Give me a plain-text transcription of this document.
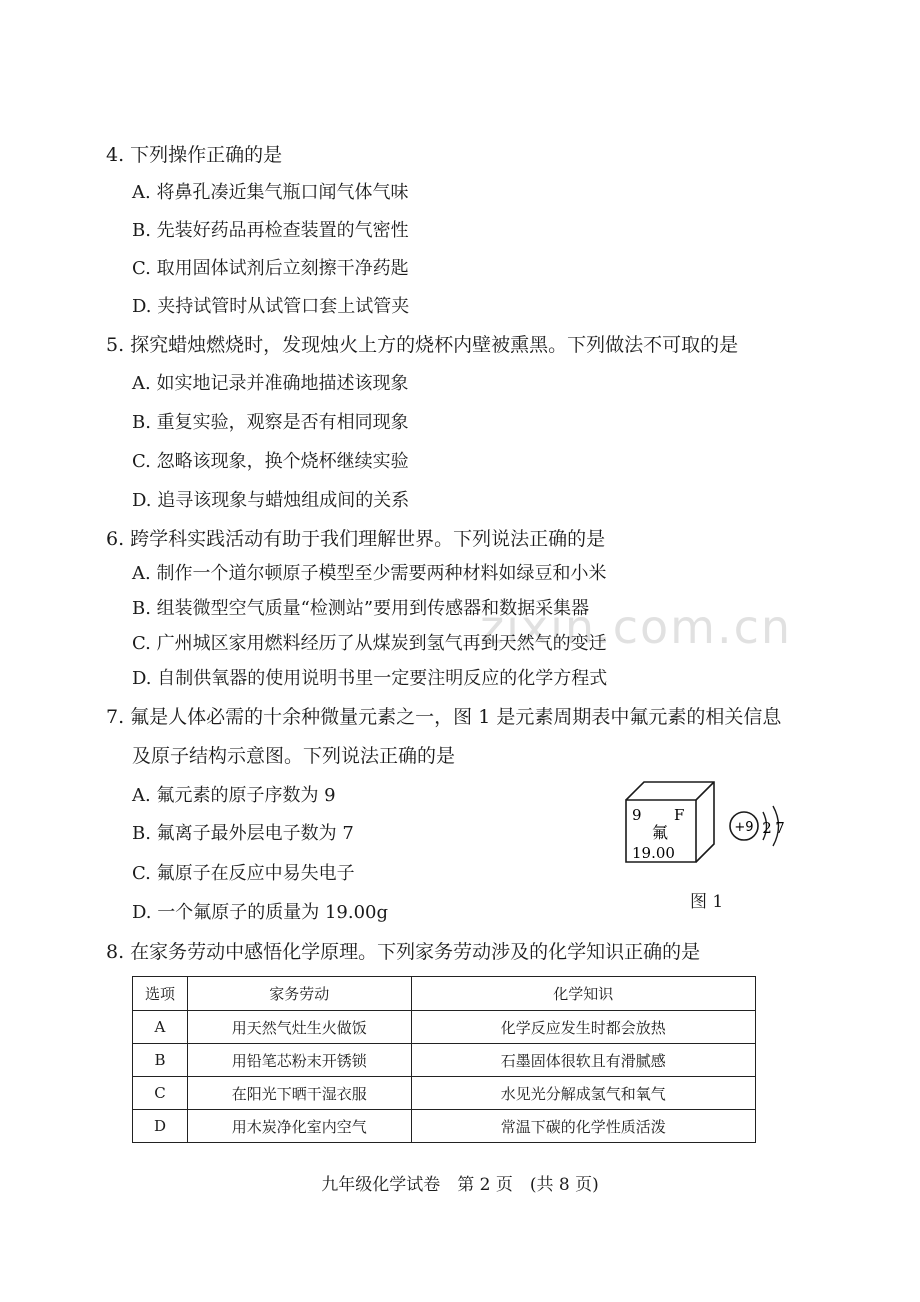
zixin.com.cn
4. 下列操作正确的是
A. 将鼻孔凑近集气瓶口闻气体气味
B. 先装好药品再检查装置的气密性
C. 取用固体试剂后立刻擦干净药匙
D. 夹持试管时从试管口套上试管夹
5. 探究蜡烛燃烧时，发现烛火上方的烧杯内壁被熏黑。下列做法不可取的是
A. 如实地记录并准确地描述该现象
B. 重复实验，观察是否有相同现象
C. 忽略该现象，换个烧杯继续实验
D. 追寻该现象与蜡烛组成间的关系
6. 跨学科实践活动有助于我们理解世界。下列说法正确的是
A. 制作一个道尔顿原子模型至少需要两种材料如绿豆和小米
B. 组装微型空气质量“检测站”要用到传感器和数据采集器
C. 广州城区家用燃料经历了从煤炭到氢气再到天然气的变迁
D. 自制供氧器的使用说明书里一定要注明反应的化学方程式
7. 氟是人体必需的十余种微量元素之一，图 1 是元素周期表中氟元素的相关信息
及原子结构示意图。下列说法正确的是
A. 氟元素的原子序数为 9
B. 氟离子最外层电子数为 7
C. 氟原子在反应中易失电子
D. 一个氟原子的质量为 19.00g
9 F
氟
19.00
+9 2 7
图 1
8. 在家务劳动中感悟化学原理。下列家务劳动涉及的化学知识正确的是
选项	家务劳动	化学知识
A	用天然气灶生火做饭	化学反应发生时都会放热
B	用铅笔芯粉末开锈锁	石墨固体很软且有滑腻感
C	在阳光下晒干湿衣服	水见光分解成氢气和氧气
D	用木炭净化室内空气	常温下碳的化学性质活泼
九年级化学试卷　第 2 页　(共 8 页)
